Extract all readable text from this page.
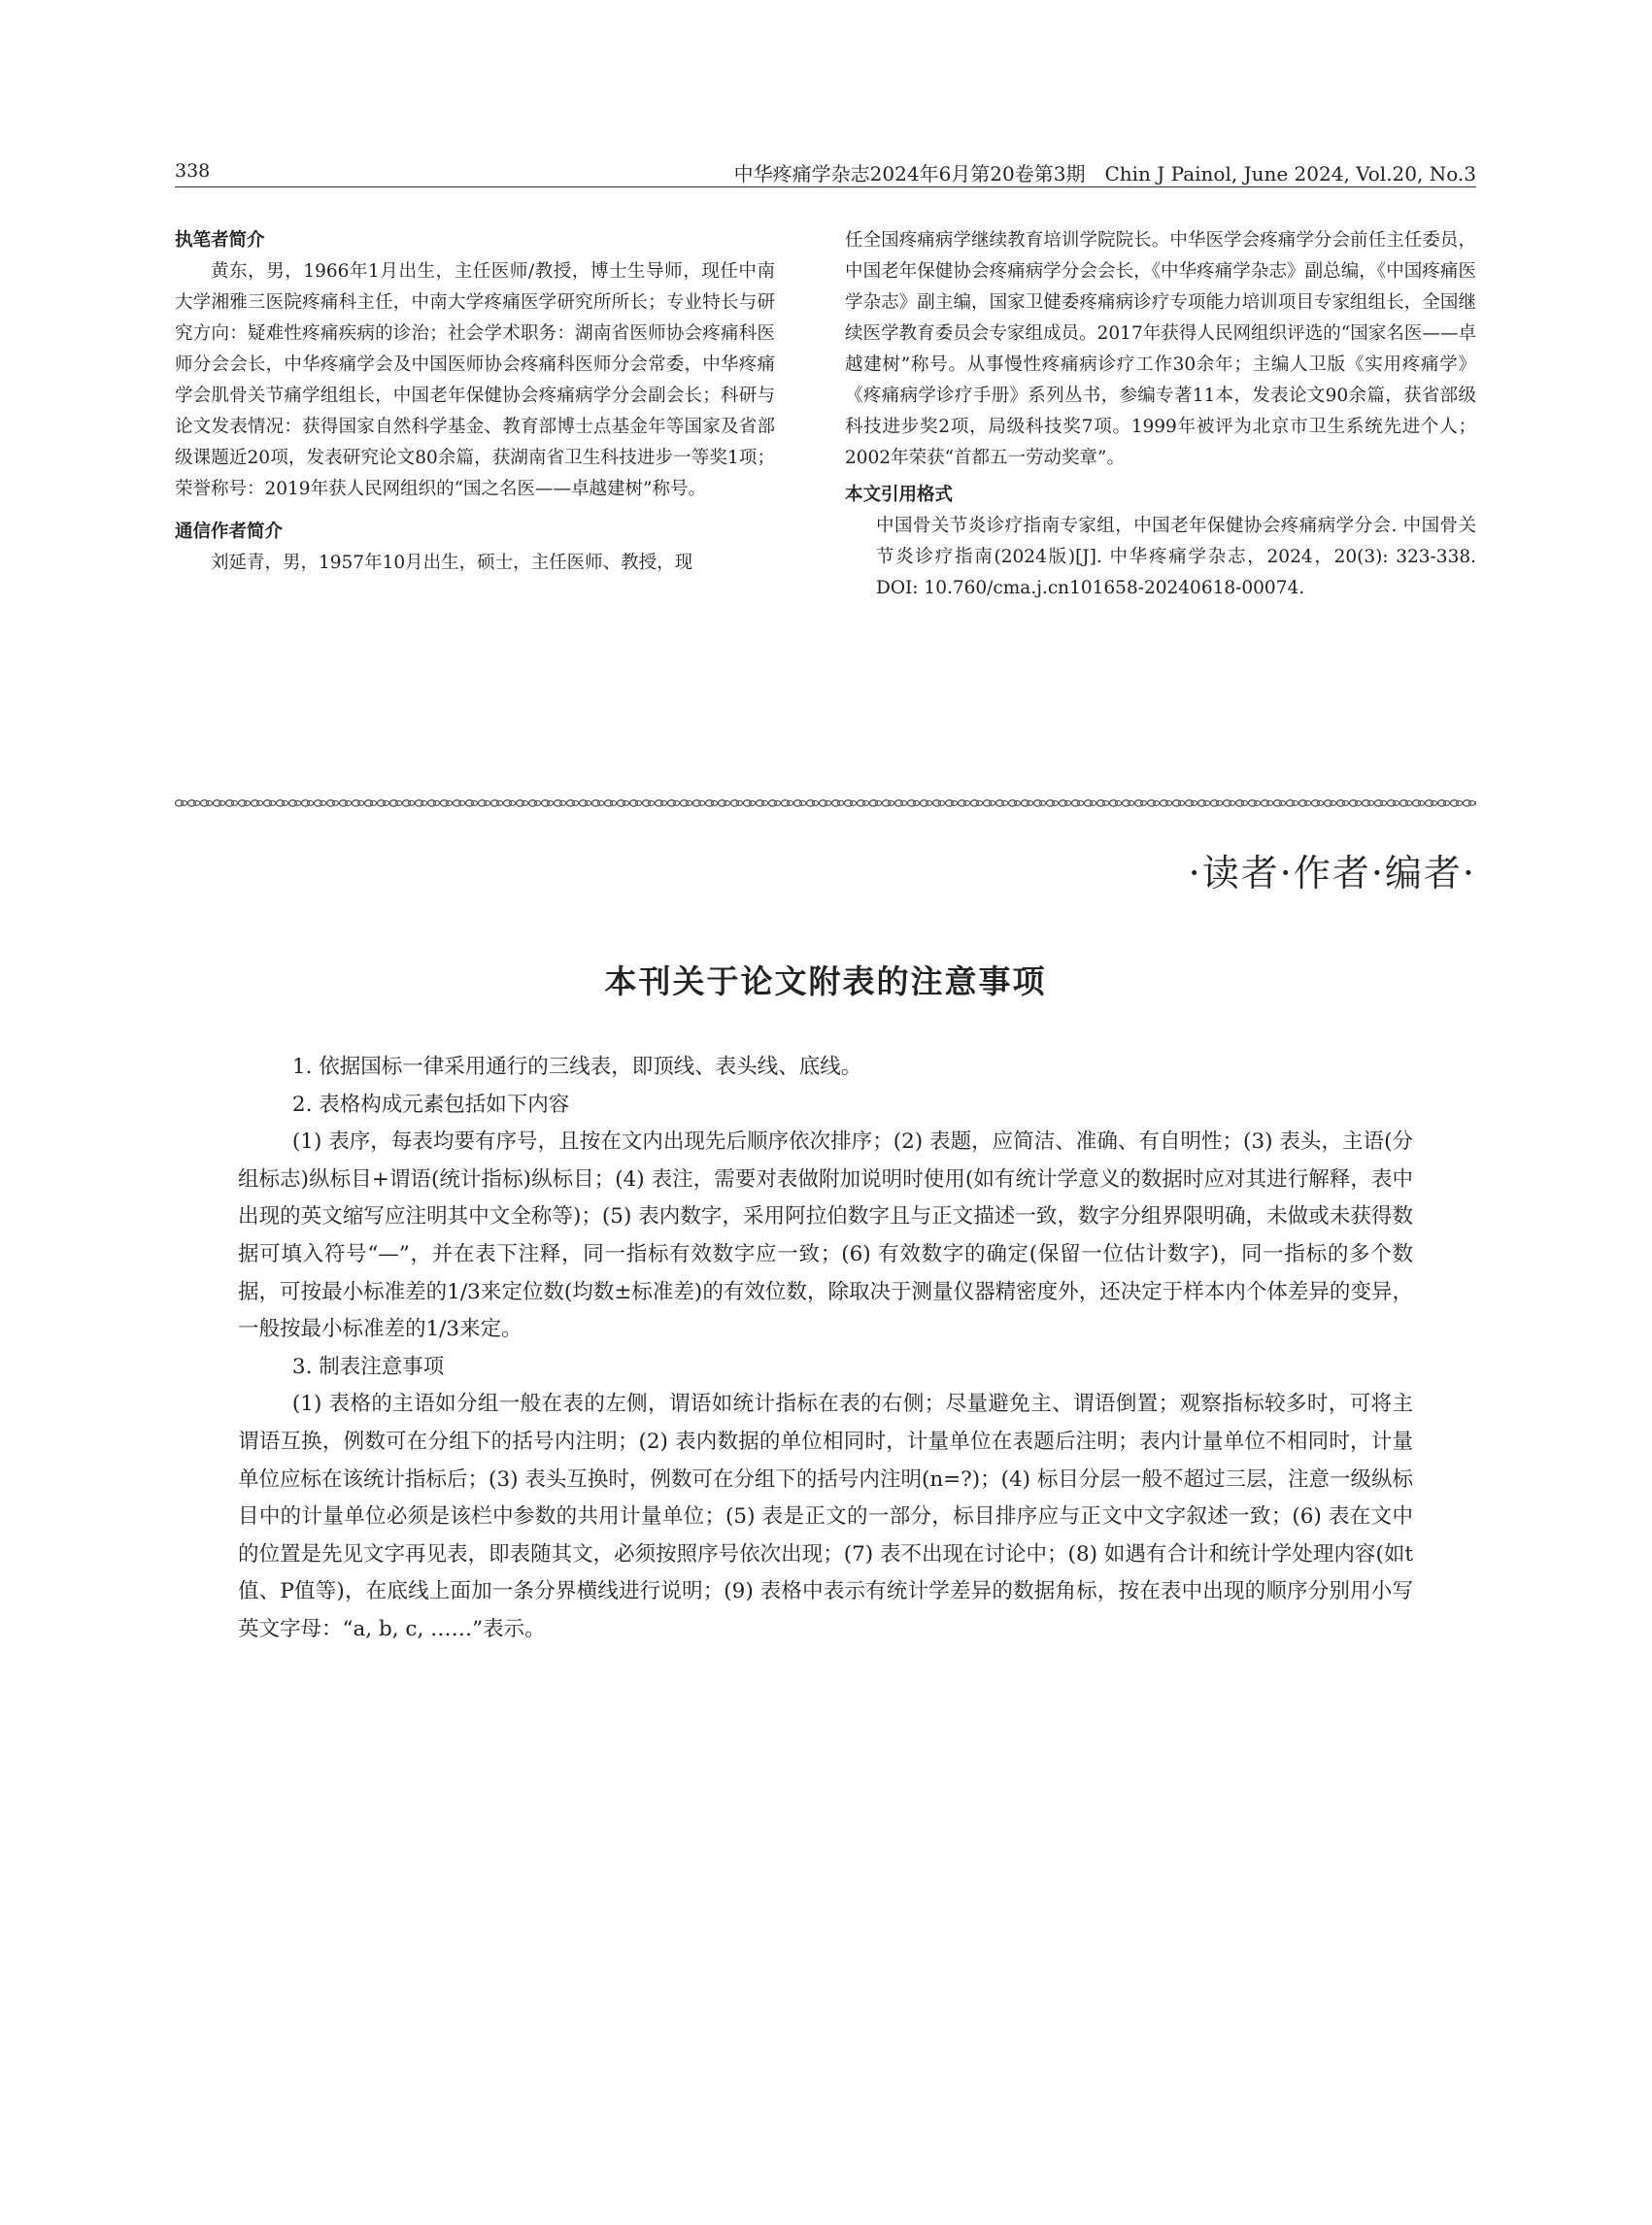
338	中华疼痛学杂志2024年6月第20卷第3期　Chin J Painol, June 2024, Vol.20, No.3
执笔者简介

黄东，男，1966年1月出生，主任医师/教授，博士生导师，现任中南大学湘雅三医院疼痛科主任，中南大学疼痛医学研究所所长；专业特长与研究方向：疑难性疼痛疾病的诊治；社会学术职务：湖南省医师协会疼痛科医师分会会长，中华疼痛学会及中国医师协会疼痛科医师分会常委，中华疼痛学会肌骨关节痛学组组长，中国老年保健协会疼痛病学分会副会长；科研与论文发表情况：获得国家自然科学基金、教育部博士点基金年等国家及省部级课题近20项，发表研究论文80余篇，获湖南省卫生科技进步一等奖1项；荣誉称号：2019年获人民网组织的“国之名医——卓越建树”称号。

通信作者简介

刘延青，男，1957年10月出生，硕士，主任医师、教授，现

任全国疼痛病学继续教育培训学院院长。中华医学会疼痛学分会前任主任委员，中国老年保健协会疼痛病学分会会长，《中华疼痛学杂志》副总编，《中国疼痛医学杂志》副主编，国家卫健委疼痛病诊疗专项能力培训项目专家组组长，全国继续医学教育委员会专家组成员。2017年获得人民网组织评选的“国家名医——卓越建树”称号。从事慢性疼痛病诊疗工作30余年；主编人卫版《实用疼痛学》《疼痛病学诊疗手册》系列丛书，参编专著11本，发表论文90余篇，获省部级科技进步奖2项，局级科技奖7项。1999年被评为北京市卫生系统先进个人；2002年荣获“首都五一劳动奖章”。

本文引用格式

中国骨关节炎诊疗指南专家组，中国老年保健协会疼痛病学分会. 中国骨关节炎诊疗指南(2024版)[J]. 中华疼痛学杂志，2024，20(3): 323-338. DOI: 10.760/cma.j.cn101658-20240618-00074.

·读者·作者·编者·
本刊关于论文附表的注意事项

1. 依据国标一律采用通行的三线表，即顶线、表头线、底线。

2. 表格构成元素包括如下内容

(1) 表序，每表均要有序号，且按在文内出现先后顺序依次排序；(2) 表题，应简洁、准确、有自明性；(3) 表头，主语(分组标志)纵标目+谓语(统计指标)纵标目；(4) 表注，需要对表做附加说明时使用(如有统计学意义的数据时应对其进行解释，表中出现的英文缩写应注明其中文全称等)；(5) 表内数字，采用阿拉伯数字且与正文描述一致，数字分组界限明确，未做或未获得数据可填入符号“—”，并在表下注释，同一指标有效数字应一致；(6) 有效数字的确定(保留一位估计数字)，同一指标的多个数据，可按最小标准差的1/3来定位数(均数±标准差)的有效位数，除取决于测量仪器精密度外，还决定于样本内个体差异的变异，一般按最小标准差的1/3来定。

3. 制表注意事项

(1) 表格的主语如分组一般在表的左侧，谓语如统计指标在表的右侧；尽量避免主、谓语倒置；观察指标较多时，可将主谓语互换，例数可在分组下的括号内注明；(2) 表内数据的单位相同时，计量单位在表题后注明；表内计量单位不相同时，计量单位应标在该统计指标后；(3) 表头互换时，例数可在分组下的括号内注明(n=?)；(4) 标目分层一般不超过三层，注意一级纵标目中的计量单位必须是该栏中参数的共用计量单位；(5) 表是正文的一部分，标目排序应与正文中文字叙述一致；(6) 表在文中的位置是先见文字再见表，即表随其文，必须按照序号依次出现；(7) 表不出现在讨论中；(8) 如遇有合计和统计学处理内容(如t值、P值等)，在底线上面加一条分界横线进行说明；(9) 表格中表示有统计学差异的数据角标，按在表中出现的顺序分别用小写英文字母：“a, b, c, ……”表示。
